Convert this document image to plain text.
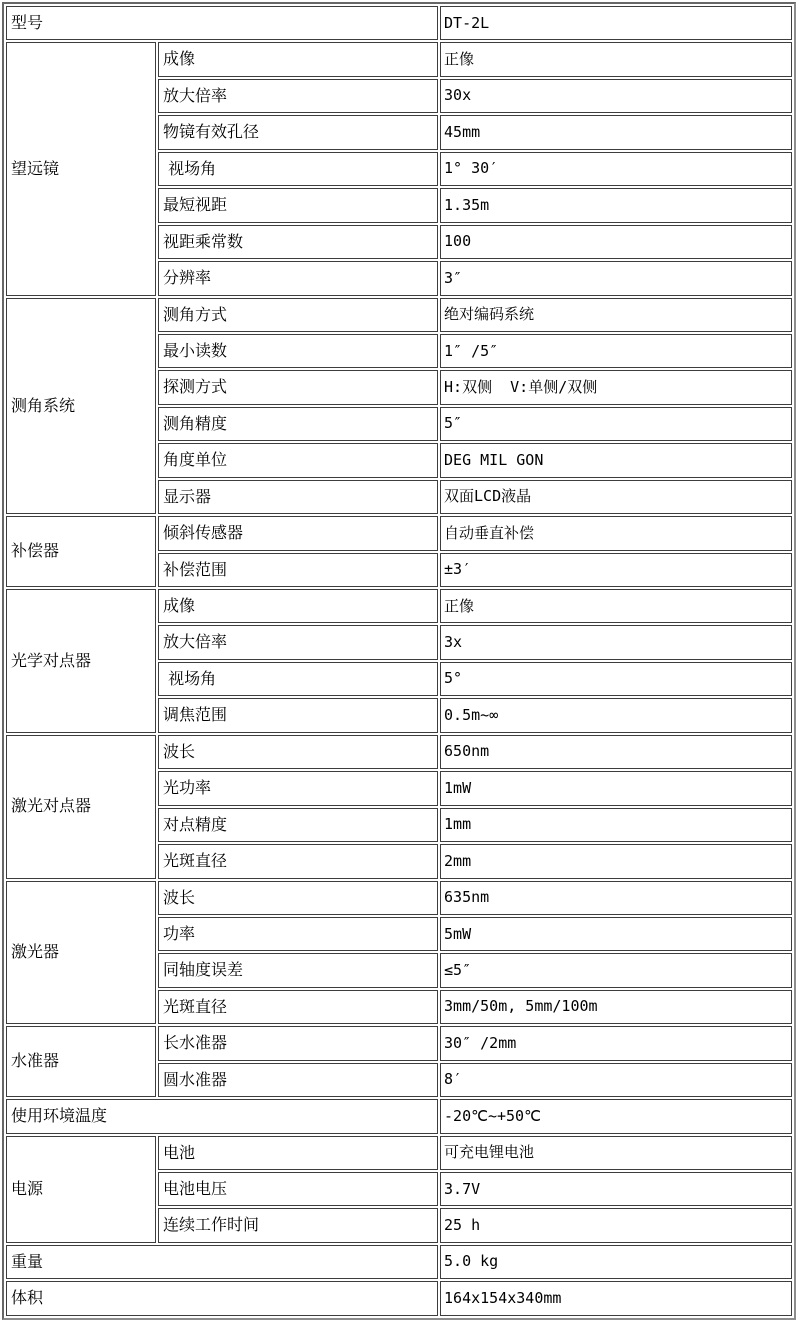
型号		DT-2L
望远镜	成像	正像
	放大倍率	30x
	物镜有效孔径	45mm
	视场角	1° 30′
	最短视距	1.35m
	视距乘常数	100
	分辨率	3″
测角系统	测角方式	绝对编码系统
	最小读数	1″ /5″
	探测方式	H:双侧  V:单侧/双侧
	测角精度	5″
	角度单位	DEG MIL GON
	显示器	双面LCD液晶
补偿器	倾斜传感器	自动垂直补偿
	补偿范围	±3′
光学对点器	成像	正像
	放大倍率	3x
	视场角	5°
	调焦范围	0.5m~∞
激光对点器	波长	650nm
	光功率	1mW
	对点精度	1mm
	光斑直径	2mm
激光器	波长	635nm
	功率	5mW
	同轴度误差	≤5″
	光斑直径	3mm/50m, 5mm/100m
水准器	长水准器	30″ /2mm
	圆水准器	8′
使用环境温度		-20℃~+50℃
电源	电池	可充电锂电池
	电池电压	3.7V
	连续工作时间	25 h
重量		5.0 kg
体积		164x154x340mm
